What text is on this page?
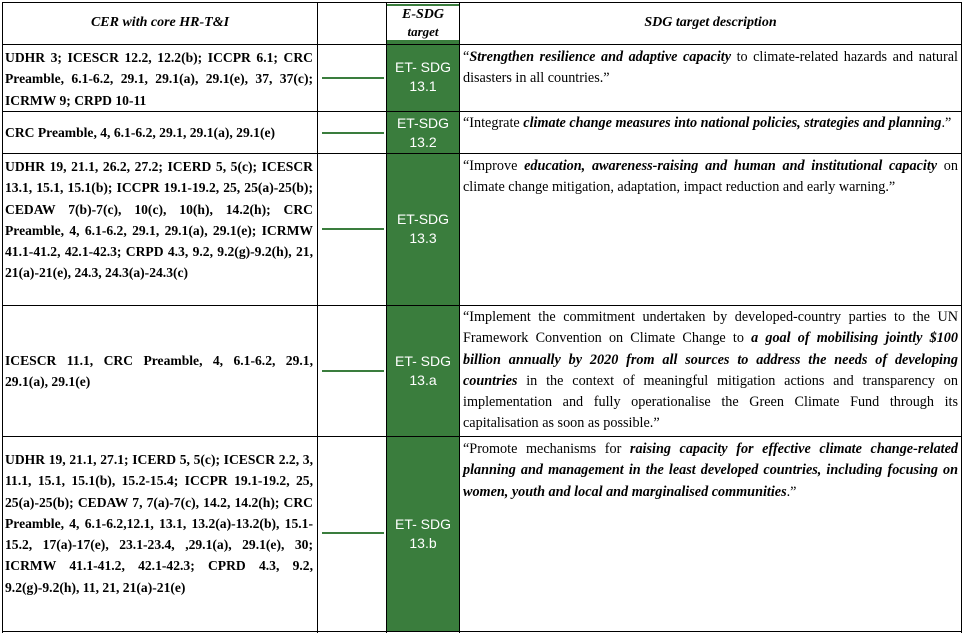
CER with core HR-T&I
E-SDG
target
SDG target description
UDHR 3; ICESCR 12.2, 12.2(b); ICCPR 6.1; CRC Preamble, 6.1-6.2, 29.1, 29.1(a), 29.1(e), 37, 37(c); ICRMW 9; CRPD 10-11
ET- SDG
13.1
“Strengthen resilience and adaptive capacity to climate-related hazards and natural disasters in all countries.”
CRC Preamble, 4, 6.1-6.2, 29.1, 29.1(a), 29.1(e)
ET-SDG
13.2
“Integrate climate change measures into national policies, strategies and planning.”
UDHR 19, 21.1, 26.2, 27.2; ICERD 5, 5(c); ICESCR 13.1, 15.1, 15.1(b); ICCPR 19.1-19.2, 25, 25(a)-25(b); CEDAW 7(b)-7(c), 10(c), 10(h), 14.2(h); CRC Preamble, 4, 6.1-6.2, 29.1, 29.1(a), 29.1(e); ICRMW 41.1-41.2, 42.1-42.3; CRPD 4.3, 9.2, 9.2(g)-9.2(h), 21, 21(a)-21(e), 24.3, 24.3(a)-24.3(c)
ET-SDG
13.3
“Improve education, awareness-raising and human and institutional capacity on climate change mitigation, adaptation, impact reduction and early warning.”
ICESCR 11.1, CRC Preamble, 4, 6.1-6.2, 29.1, 29.1(a), 29.1(e)
ET- SDG
13.a
“Implement the commitment undertaken by developed-country parties to the UN Framework Convention on Climate Change to a goal of mobilising jointly $100 billion annually by 2020 from all sources to address the needs of developing countries in the context of meaningful mitigation actions and transparency on implementation and fully operationalise the Green Climate Fund through its capitalisation as soon as possible.”
UDHR 19, 21.1, 27.1; ICERD 5, 5(c); ICESCR 2.2, 3, 11.1, 15.1, 15.1(b), 15.2-15.4; ICCPR 19.1-19.2, 25, 25(a)-25(b); CEDAW 7, 7(a)-7(c), 14.2, 14.2(h); CRC Preamble, 4, 6.1-6.2,12.1, 13.1, 13.2(a)-13.2(b), 15.1-15.2, 17(a)-17(e), 23.1-23.4, ,29.1(a), 29.1(e), 30; ICRMW 41.1-41.2, 42.1-42.3; CPRD 4.3, 9.2, 9.2(g)-9.2(h), 11, 21, 21(a)-21(e)
ET- SDG
13.b
“Promote mechanisms for raising capacity for effective climate change-related planning and management in the least developed countries, including focusing on women, youth and local and marginalised communities.”
